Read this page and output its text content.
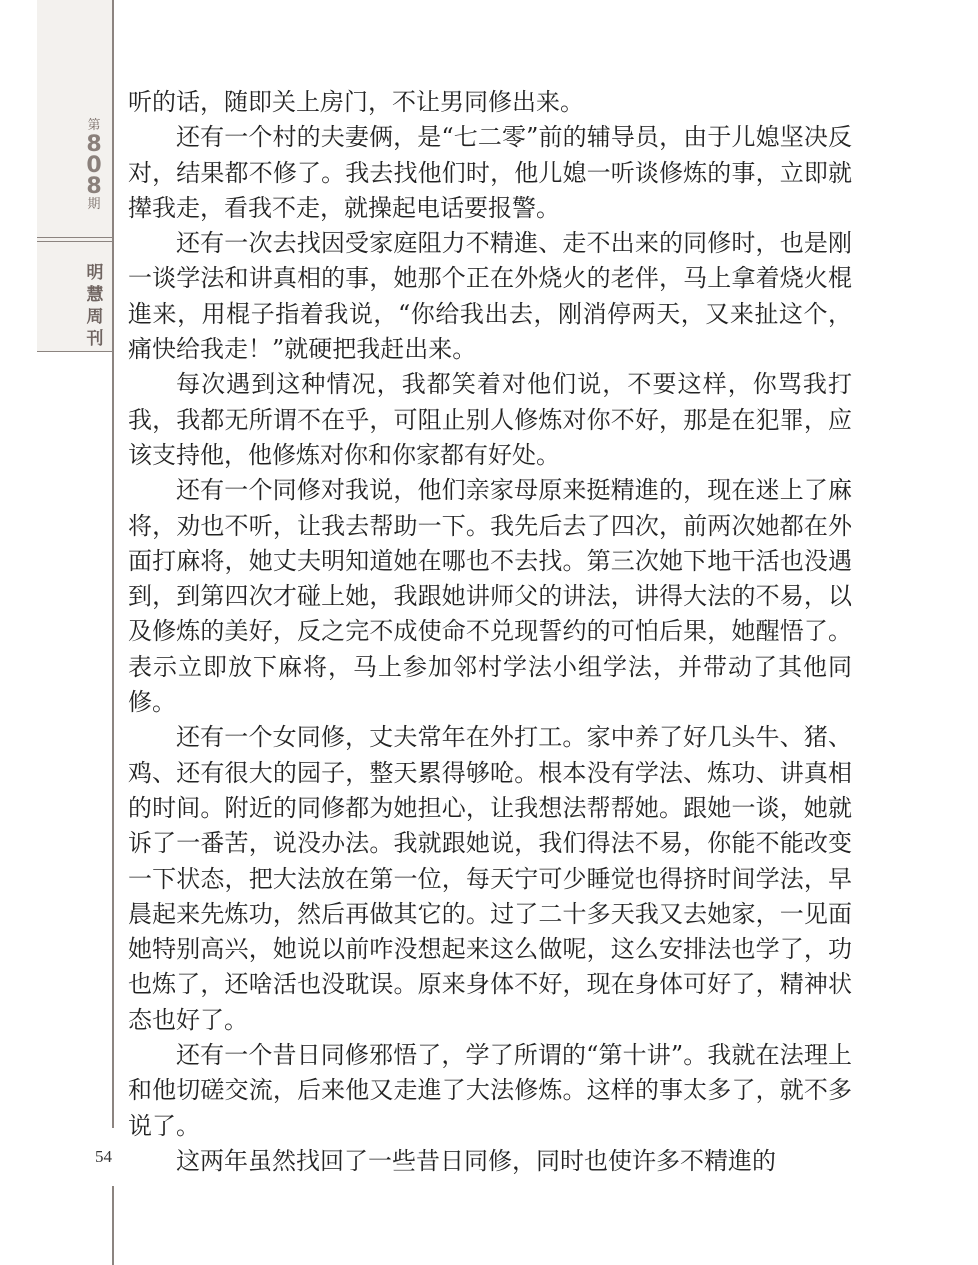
第
8
0
8
期
明
慧
周
刊
54

听的话，随即关上房门，不让男同修出来。

还有一个村的夫妻俩，是“七二零”前的辅导员，由于儿媳坚决反对，结果都不修了。我去找他们时，他儿媳一听谈修炼的事，立即就撵我走，看我不走，就操起电话要报警。

还有一次去找因受家庭阻力不精進、走不出来的同修时，也是刚一谈学法和讲真相的事，她那个正在外烧火的老伴，马上拿着烧火棍進来，用棍子指着我说，“你给我出去，刚消停两天，又来扯这个，痛快给我走！”就硬把我赶出来。

每次遇到这种情况，我都笑着对他们说，不要这样，你骂我打我，我都无所谓不在乎，可阻止别人修炼对你不好，那是在犯罪，应该支持他，他修炼对你和你家都有好处。

还有一个同修对我说，他们亲家母原来挺精進的，现在迷上了麻将，劝也不听，让我去帮助一下。我先后去了四次，前两次她都在外面打麻将，她丈夫明知道她在哪也不去找。第三次她下地干活也没遇到，到第四次才碰上她，我跟她讲师父的讲法，讲得大法的不易，以及修炼的美好，反之完不成使命不兑现誓约的可怕后果，她醒悟了。表示立即放下麻将，马上参加邻村学法小组学法，并带动了其他同修。

还有一个女同修，丈夫常年在外打工。家中养了好几头牛、猪、鸡、还有很大的园子，整天累得够呛。根本没有学法、炼功、讲真相的时间。附近的同修都为她担心，让我想法帮帮她。跟她一谈，她就诉了一番苦，说没办法。我就跟她说，我们得法不易，你能不能改变一下状态，把大法放在第一位，每天宁可少睡觉也得挤时间学法，早晨起来先炼功，然后再做其它的。过了二十多天我又去她家，一见面她特别高兴，她说以前咋没想起来这么做呢，这么安排法也学了，功也炼了，还啥活也没耽误。原来身体不好，现在身体可好了，精神状态也好了。

还有一个昔日同修邪悟了，学了所谓的“第十讲”。我就在法理上和他切磋交流，后来他又走進了大法修炼。这样的事太多了，就不多说了。

这两年虽然找回了一些昔日同修，同时也使许多不精進的
